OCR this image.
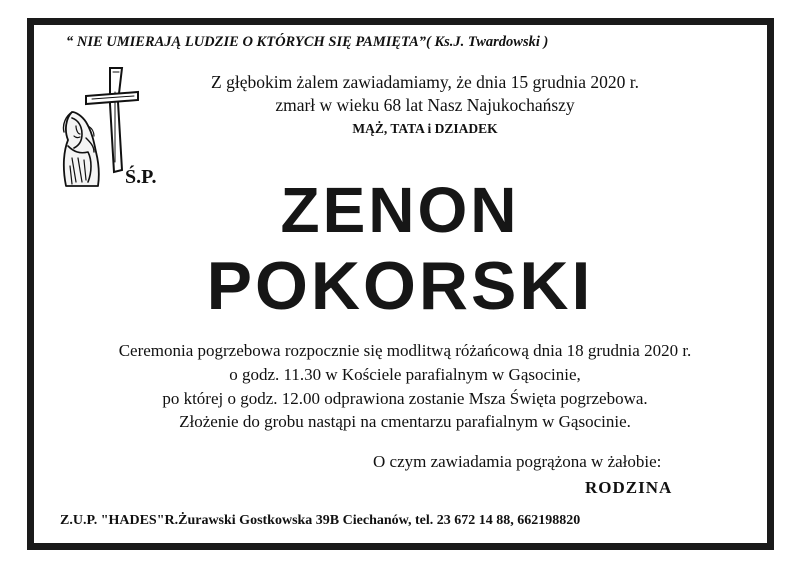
“ NIE UMIERAJĄ LUDZIE O KTÓRYCH SIĘ PAMIĘTA”( Ks.J. Twardowski )
Ś.P.
Z głębokim żalem zawiadamiamy, że dnia 15 grudnia 2020 r.
zmarł w wieku 68 lat Nasz Najukochańszy
MĄŻ, TATA i DZIADEK
ZENON
POKORSKI
Ceremonia pogrzebowa rozpocznie się modlitwą różańcową dnia 18 grudnia 2020 r.
o godz. 11.30 w Kościele parafialnym w Gąsocinie,
po której o godz. 12.00 odprawiona zostanie Msza Święta pogrzebowa.
Złożenie do grobu nastąpi na cmentarzu parafialnym w Gąsocinie.
O czym zawiadamia pogrążona w żałobie:
RODZINA
Z.U.P. "HADES"R.Żurawski Gostkowska 39B Ciechanów, tel. 23 672 14 88, 662198820
